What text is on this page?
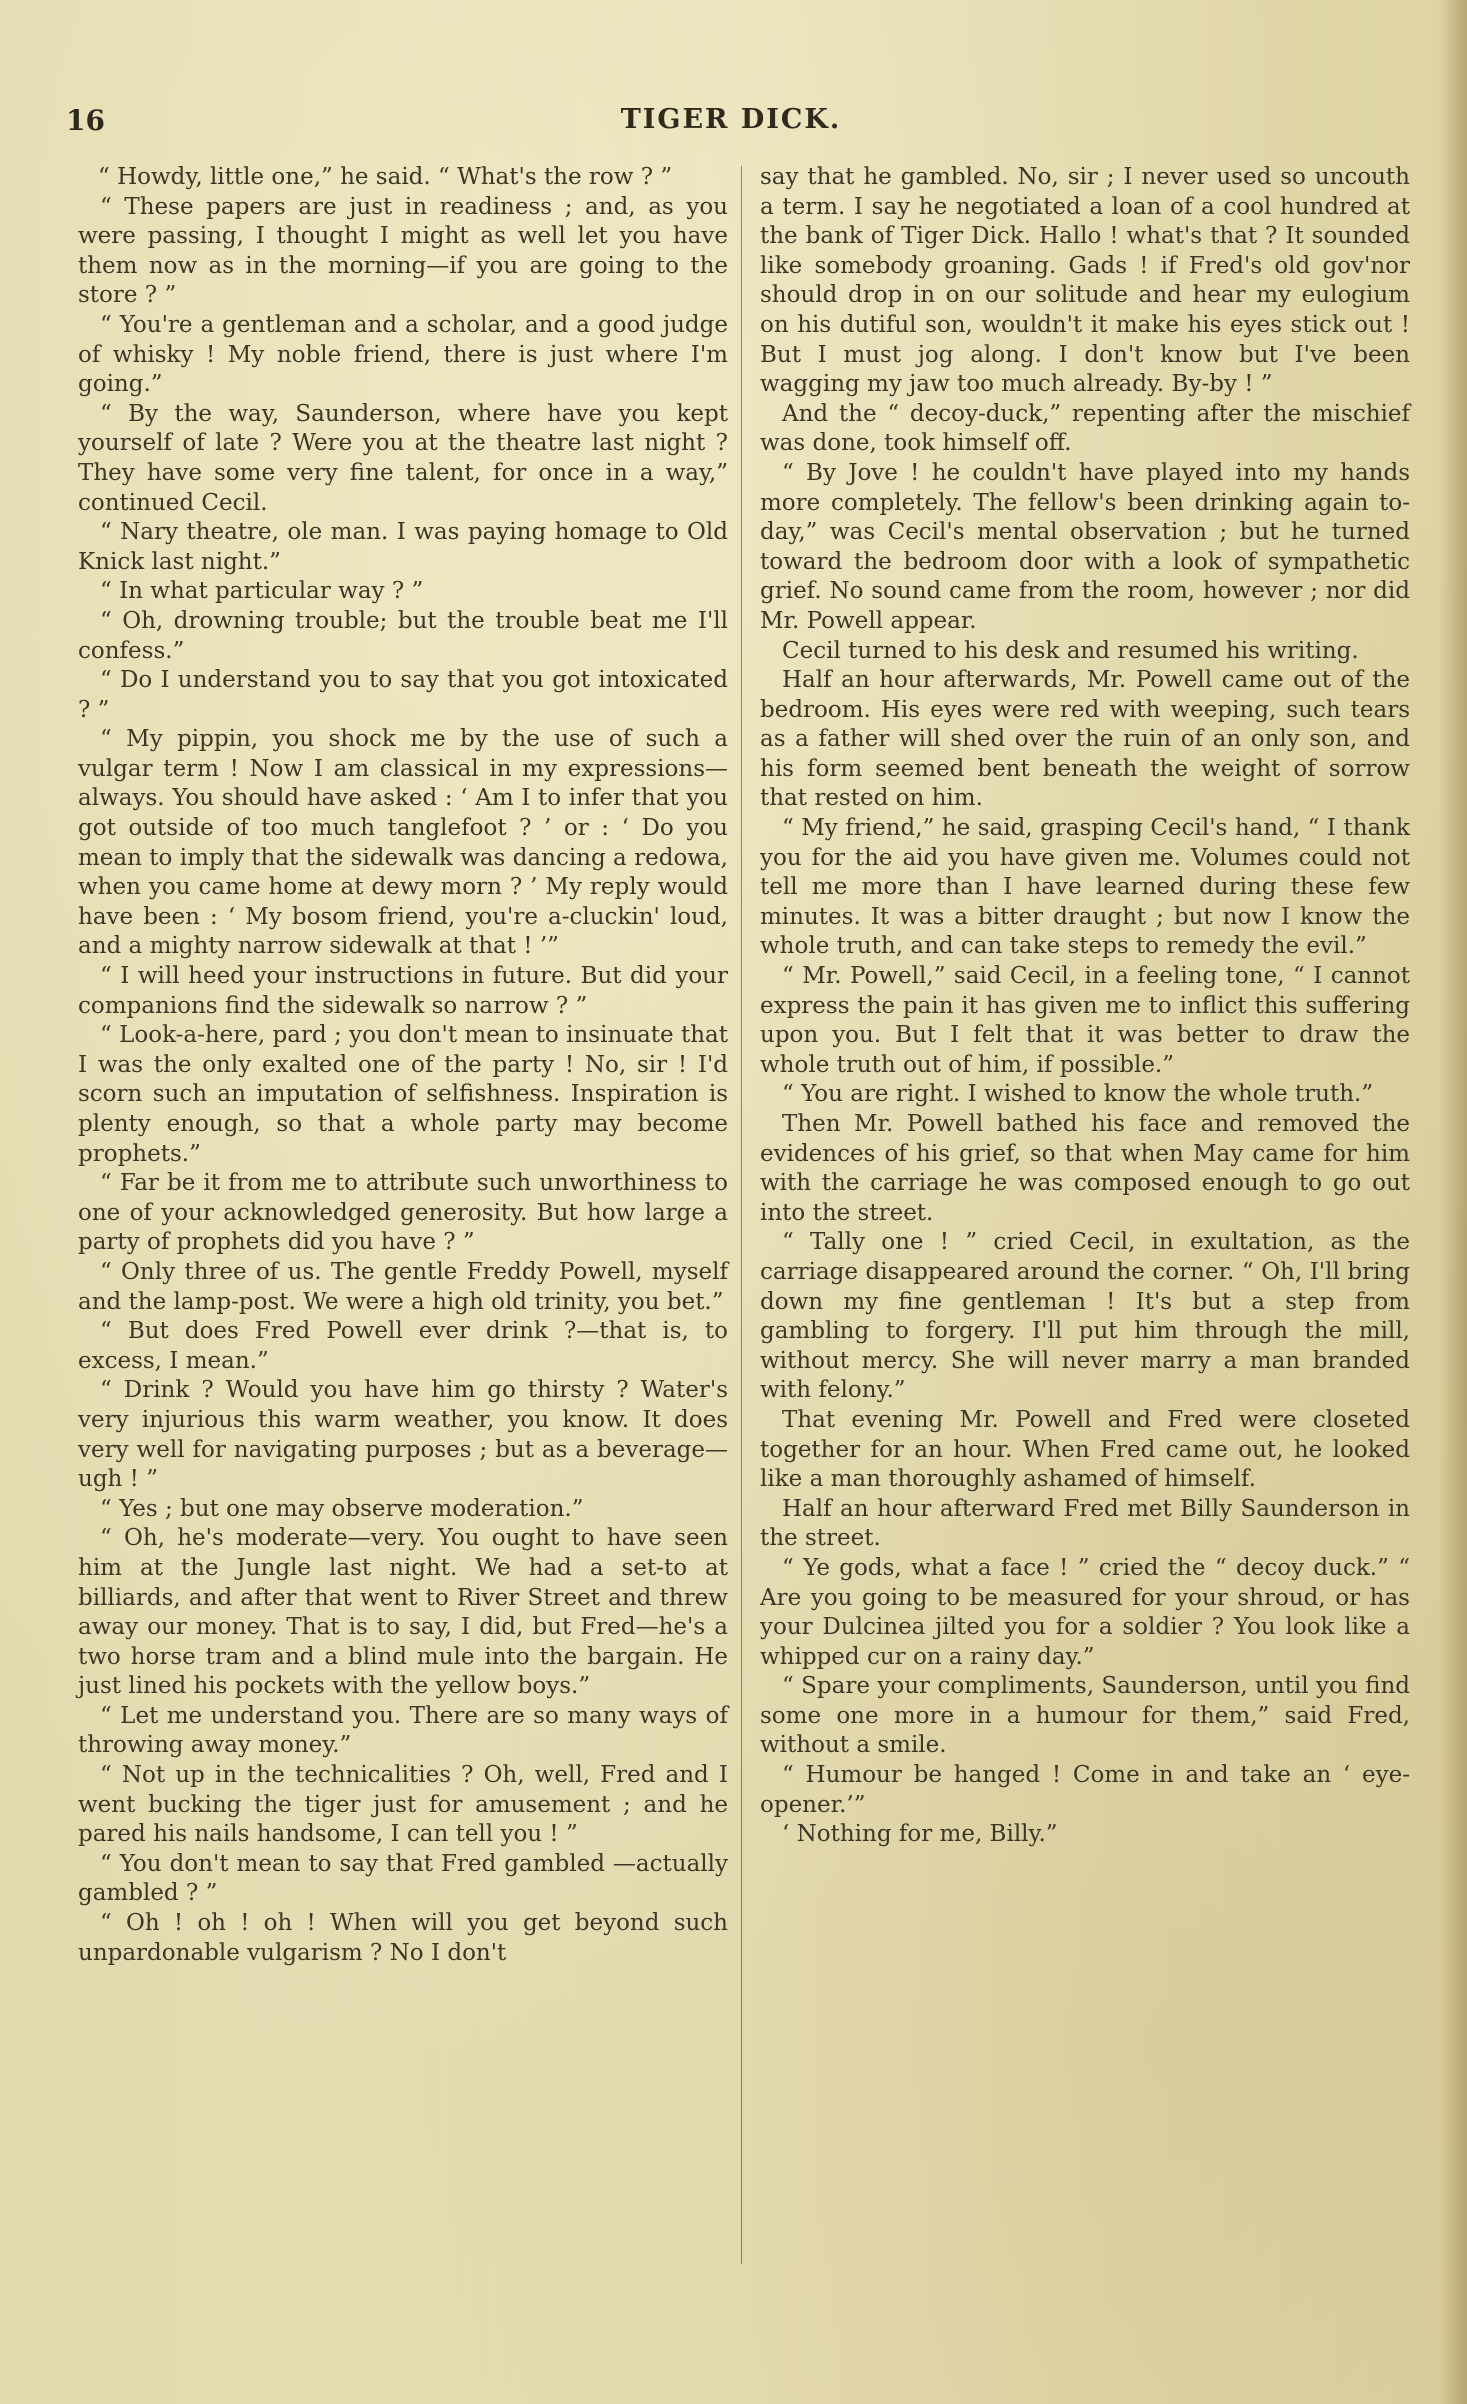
16	TIGER DICK.

“ Howdy, little one,” he said. “ What's the row ? ”

“ These papers are just in readiness ; and, as you were passing, I thought I might as well let you have them now as in the morning—if you are going to the store ? ”

“ You're a gentleman and a scholar, and a good judge of whisky ! My noble friend, there is just where I'm going.”

“ By the way, Saunderson, where have you kept yourself of late ? Were you at the theatre last night ? They have some very fine talent, for once in a way,” continued Cecil.

“ Nary theatre, ole man. I was paying homage to Old Knick last night.”

“ In what particular way ? ”

“ Oh, drowning trouble; but the trouble beat me I'll confess.”

“ Do I understand you to say that you got intoxicated ? ”

“ My pippin, you shock me by the use of such a vulgar term ! Now I am classical in my expressions—always. You should have asked : ‘ Am I to infer that you got outside of too much tanglefoot ? ’ or : ‘ Do you mean to imply that the sidewalk was dancing a redowa, when you came home at dewy morn ? ’ My reply would have been : ‘ My bosom friend, you're a-cluckin' loud, and a mighty narrow sidewalk at that ! ’”

“ I will heed your instructions in future. But did your companions find the sidewalk so narrow ? ”

“ Look-a-here, pard ; you don't mean to insinuate that I was the only exalted one of the party ! No, sir ! I'd scorn such an imputation of selfishness. Inspiration is plenty enough, so that a whole party may become prophets.”

“ Far be it from me to attribute such unworthiness to one of your acknowledged generosity. But how large a party of prophets did you have ? ”

“ Only three of us. The gentle Freddy Powell, myself and the lamp-post. We were a high old trinity, you bet.”

“ But does Fred Powell ever drink ?—that is, to excess, I mean.”

“ Drink ? Would you have him go thirsty ? Water's very injurious this warm weather, you know. It does very well for navigating purposes ; but as a beverage—ugh ! ”

“ Yes ; but one may observe moderation.”

“ Oh, he's moderate—very. You ought to have seen him at the Jungle last night. We had a set-to at billiards, and after that went to River Street and threw away our money. That is to say, I did, but Fred—he's a two horse tram and a blind mule into the bargain. He just lined his pockets with the yellow boys.”

“ Let me understand you. There are so many ways of throwing away money.”

“ Not up in the technicalities ? Oh, well, Fred and I went bucking the tiger just for amusement ; and he pared his nails handsome, I can tell you ! ”

“ You don't mean to say that Fred gambled —actually gambled ? ”

“ Oh ! oh ! oh ! When will you get beyond such unpardonable vulgarism ? No I don't

say that he gambled. No, sir ; I never used so uncouth a term. I say he negotiated a loan of a cool hundred at the bank of Tiger Dick. Hallo ! what's that ? It sounded like somebody groaning. Gads ! if Fred's old gov'nor should drop in on our solitude and hear my eulogium on his dutiful son, wouldn't it make his eyes stick out ! But I must jog along. I don't know but I've been wagging my jaw too much already. By-by ! ”

And the “ decoy-duck,” repenting after the mischief was done, took himself off.

“ By Jove ! he couldn't have played into my hands more completely. The fellow's been drinking again to-day,” was Cecil's mental observation ; but he turned toward the bedroom door with a look of sympathetic grief. No sound came from the room, however ; nor did Mr. Powell appear.

Cecil turned to his desk and resumed his writing.

Half an hour afterwards, Mr. Powell came out of the bedroom. His eyes were red with weeping, such tears as a father will shed over the ruin of an only son, and his form seemed bent beneath the weight of sorrow that rested on him.

“ My friend,” he said, grasping Cecil's hand, “ I thank you for the aid you have given me. Volumes could not tell me more than I have learned during these few minutes. It was a bitter draught ; but now I know the whole truth, and can take steps to remedy the evil.”

“ Mr. Powell,” said Cecil, in a feeling tone, “ I cannot express the pain it has given me to inflict this suffering upon you. But I felt that it was better to draw the whole truth out of him, if possible.”

“ You are right. I wished to know the whole truth.”

Then Mr. Powell bathed his face and removed the evidences of his grief, so that when May came for him with the carriage he was composed enough to go out into the street.

“ Tally one ! ” cried Cecil, in exultation, as the carriage disappeared around the corner. “ Oh, I'll bring down my fine gentleman ! It's but a step from gambling to forgery. I'll put him through the mill, without mercy. She will never marry a man branded with felony.”

That evening Mr. Powell and Fred were closeted together for an hour. When Fred came out, he looked like a man thoroughly ashamed of himself.

Half an hour afterward Fred met Billy Saunderson in the street.

“ Ye gods, what a face ! ” cried the “ decoy duck.” “ Are you going to be measured for your shroud, or has your Dulcinea jilted you for a soldier ? You look like a whipped cur on a rainy day.”

“ Spare your compliments, Saunderson, until you find some one more in a humour for them,” said Fred, without a smile.

“ Humour be hanged ! Come in and take an ‘ eye-opener.’”

‘ Nothing for me, Billy.”
